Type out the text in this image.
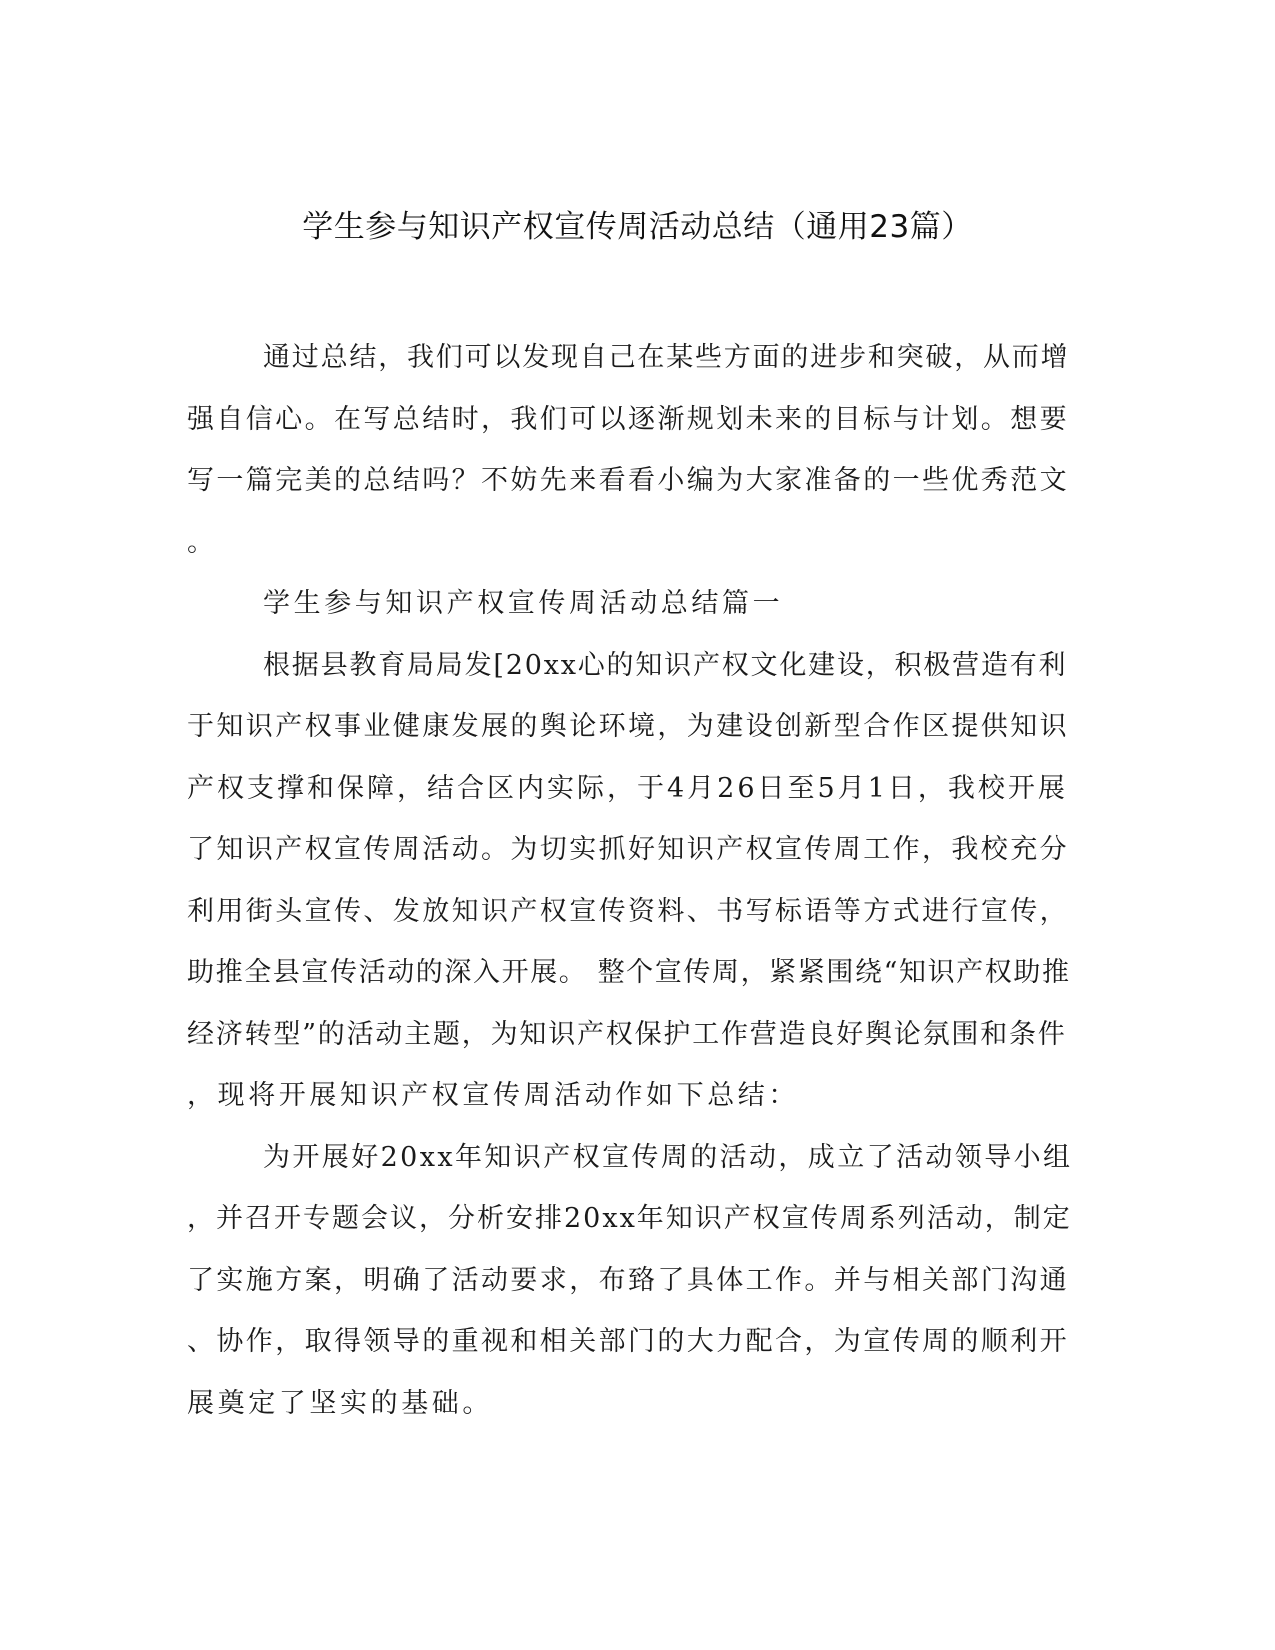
学生参与知识产权宣传周活动总结（通用23篇）
通过总结，我们可以发现自己在某些方面的进步和突破，从而增
强自信心。在写总结时，我们可以逐渐规划未来的目标与计划。想要
写一篇完美的总结吗？不妨先来看看小编为大家准备的一些优秀范文
。
学生参与知识产权宣传周活动总结篇一
根据县教育局局发[20xx心的知识产权文化建设，积极营造有利
于知识产权事业健康发展的舆论环境，为建设创新型合作区提供知识
产权支撑和保障，结合区内实际，于4月26日至5月1日，我校开展
了知识产权宣传周活动。为切实抓好知识产权宣传周工作，我校充分
利用街头宣传、发放知识产权宣传资料、书写标语等方式进行宣传，
助推全县宣传活动的深入开展。 整个宣传周，紧紧围绕“知识产权助推
经济转型”的活动主题，为知识产权保护工作营造良好舆论氛围和条件
，现将开展知识产权宣传周活动作如下总结：
为开展好20xx年知识产权宣传周的活动，成立了活动领导小组
，并召开专题会议，分析安排20xx年知识产权宣传周系列活动，制定
了实施方案，明确了活动要求，布臵了具体工作。并与相关部门沟通
、协作，取得领导的重视和相关部门的大力配合，为宣传周的顺利开
展奠定了坚实的基础。
